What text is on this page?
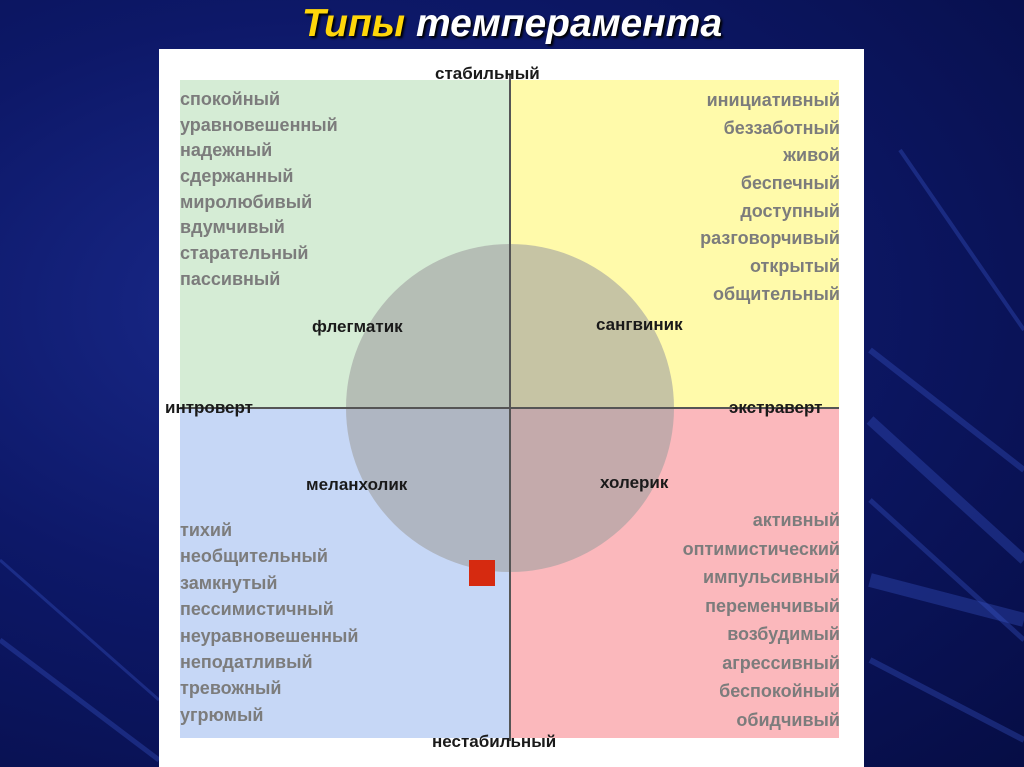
Типы темперамента
спокойный
уравновешенный
надежный
сдержанный
миролюбивый
вдумчивый
старательный
пассивный
инициативный
беззаботный
живой
беспечный
доступный
разговорчивый
открытый
общительный
тихий
необщительный
замкнутый
пессимистичный
неуравновешенный
неподатливый
тревожный
угрюмый
активный
оптимистический
импульсивный
переменчивый
возбудимый
агрессивный
беспокойный
обидчивый
флегматик	сангвиник
меланхолик	холерик
стабильный
нестабильный
интроверт	экстраверт
